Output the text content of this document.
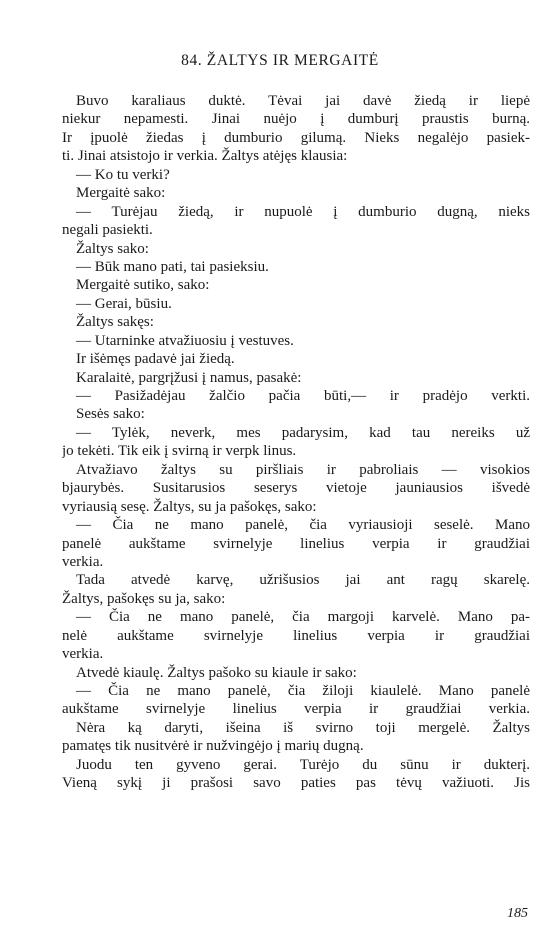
84. ŽALTYS IR MERGAITĖ
Buvo karaliaus duktė. Tėvai jai davė žiedą ir liepė
niekur nepamesti. Jinai nuėjo į dumburį praustis burną.
Ir įpuolė žiedas į dumburio gilumą. Nieks negalėjo pasiek-
ti. Jinai atsistojo ir verkia. Žaltys atėjęs klausia:
— Ko tu verki?
Mergaitė sako:
— Turėjau žiedą, ir nupuolė į dumburio dugną, nieks
negali pasiekti.
Žaltys sako:
— Būk mano pati, tai pasieksiu.
Mergaitė sutiko, sako:
— Gerai, būsiu.
Žaltys sakęs:
— Utarninke atvažiuosiu į vestuves.
Ir išėmęs padavė jai žiedą.
Karalaitė, pargrįžusi į namus, pasakė:
— Pasižadėjau žalčio pačia būti,— ir pradėjo verkti.
Sesės sako:
— Tylėk, neverk, mes padarysim, kad tau nereiks už
jo tekėti. Tik eik į svirną ir verpk linus.
Atvažiavo žaltys su piršliais ir pabroliais — visokios
bjaurybės. Susitarusios seserys vietoje jauniausios išvedė
vyriausią sesę. Žaltys, su ja pašokęs, sako:
— Čia ne mano panelė, čia vyriausioji seselė. Mano
panelė aukštame svirnelyje linelius verpia ir graudžiai
verkia.
Tada atvedė karvę, užrišusios jai ant ragų skarelę.
Žaltys, pašokęs su ja, sako:
— Čia ne mano panelė, čia margoji karvelė. Mano pa-
nelė aukštame svirnelyje linelius verpia ir graudžiai
verkia.
Atvedė kiaulę. Žaltys pašoko su kiaule ir sako:
— Čia ne mano panelė, čia žiloji kiaulelė. Mano panelė
aukštame svirnelyje linelius verpia ir graudžiai verkia.
Nėra ką daryti, išeina iš svirno toji mergelė. Žaltys
pamatęs tik nusitvėrė ir nužvingėjo į marių dugną.
Juodu ten gyveno gerai. Turėjo du sūnu ir dukterį.
Vieną sykį ji prašosi savo paties pas tėvų važiuoti. Jis
185
